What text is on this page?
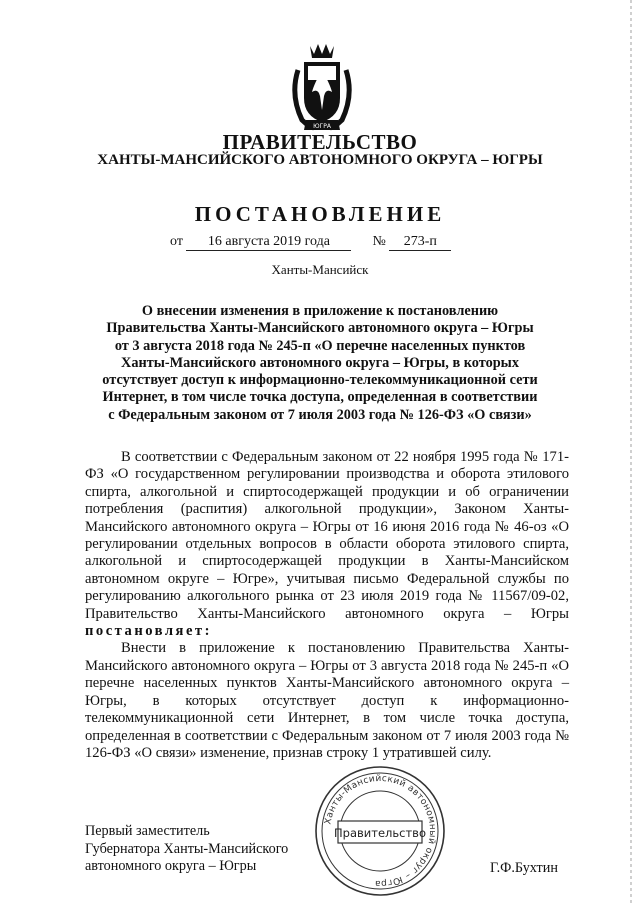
ЮГРА
ПРАВИТЕЛЬСТВО
ХАНТЫ-МАНСИЙСКОГО АВТОНОМНОГО ОКРУГА – ЮГРЫ
ПОСТАНОВЛЕНИЕ
от 16 августа 2019 года	№ 273-п
Ханты-Мансийск
О внесении изменения в приложение к постановлению
Правительства Ханты-Мансийского автономного округа – Югры
от 3 августа 2018 года № 245-п «О перечне населенных пунктов
Ханты-Мансийского автономного округа – Югры, в которых
отсутствует доступ к информационно-телекоммуникационной сети
Интернет, в том числе точка доступа, определенная в соответствии
с Федеральным законом от 7 июля 2003 года № 126-ФЗ «О связи»

В соответствии с Федеральным законом от 22 ноября 1995 года № 171-ФЗ «О государственном регулировании производства и оборота этилового спирта, алкогольной и спиртосодержащей продукции и об ограничении потребления (распития) алкогольной продукции», Законом Ханты-Мансийского автономного округа – Югры от 16 июня 2016 года № 46-оз «О регулировании отдельных вопросов в области оборота этилового спирта, алкогольной и спиртосодержащей продукции в Ханты-Мансийском автономном округе – Югре», учитывая письмо Федеральной службы по регулированию алкогольного рынка от 23 июля 2019 года № 11567/09-02, Правительство Ханты-Мансийского автономного округа – Югры постановляет:

Внести в приложение к постановлению Правительства Ханты-Мансийского автономного округа – Югры от 3 августа 2018 года № 245-п «О перечне населенных пунктов Ханты-Мансийского автономного округа – Югры, в которых отсутствует доступ к информационно-телекоммуникационной сети Интернет, в том числе точка доступа, определенная в соответствии с Федеральным законом от 7 июля 2003 года № 126-ФЗ «О связи» изменение, признав строку 1 утратившей силу.

Первый заместитель
Губернатора Ханты-Мансийского
автономного округа – Югры	Г.Ф.Бухтин
Ханты-Мансийский автономный округ – Югра
Правительство
